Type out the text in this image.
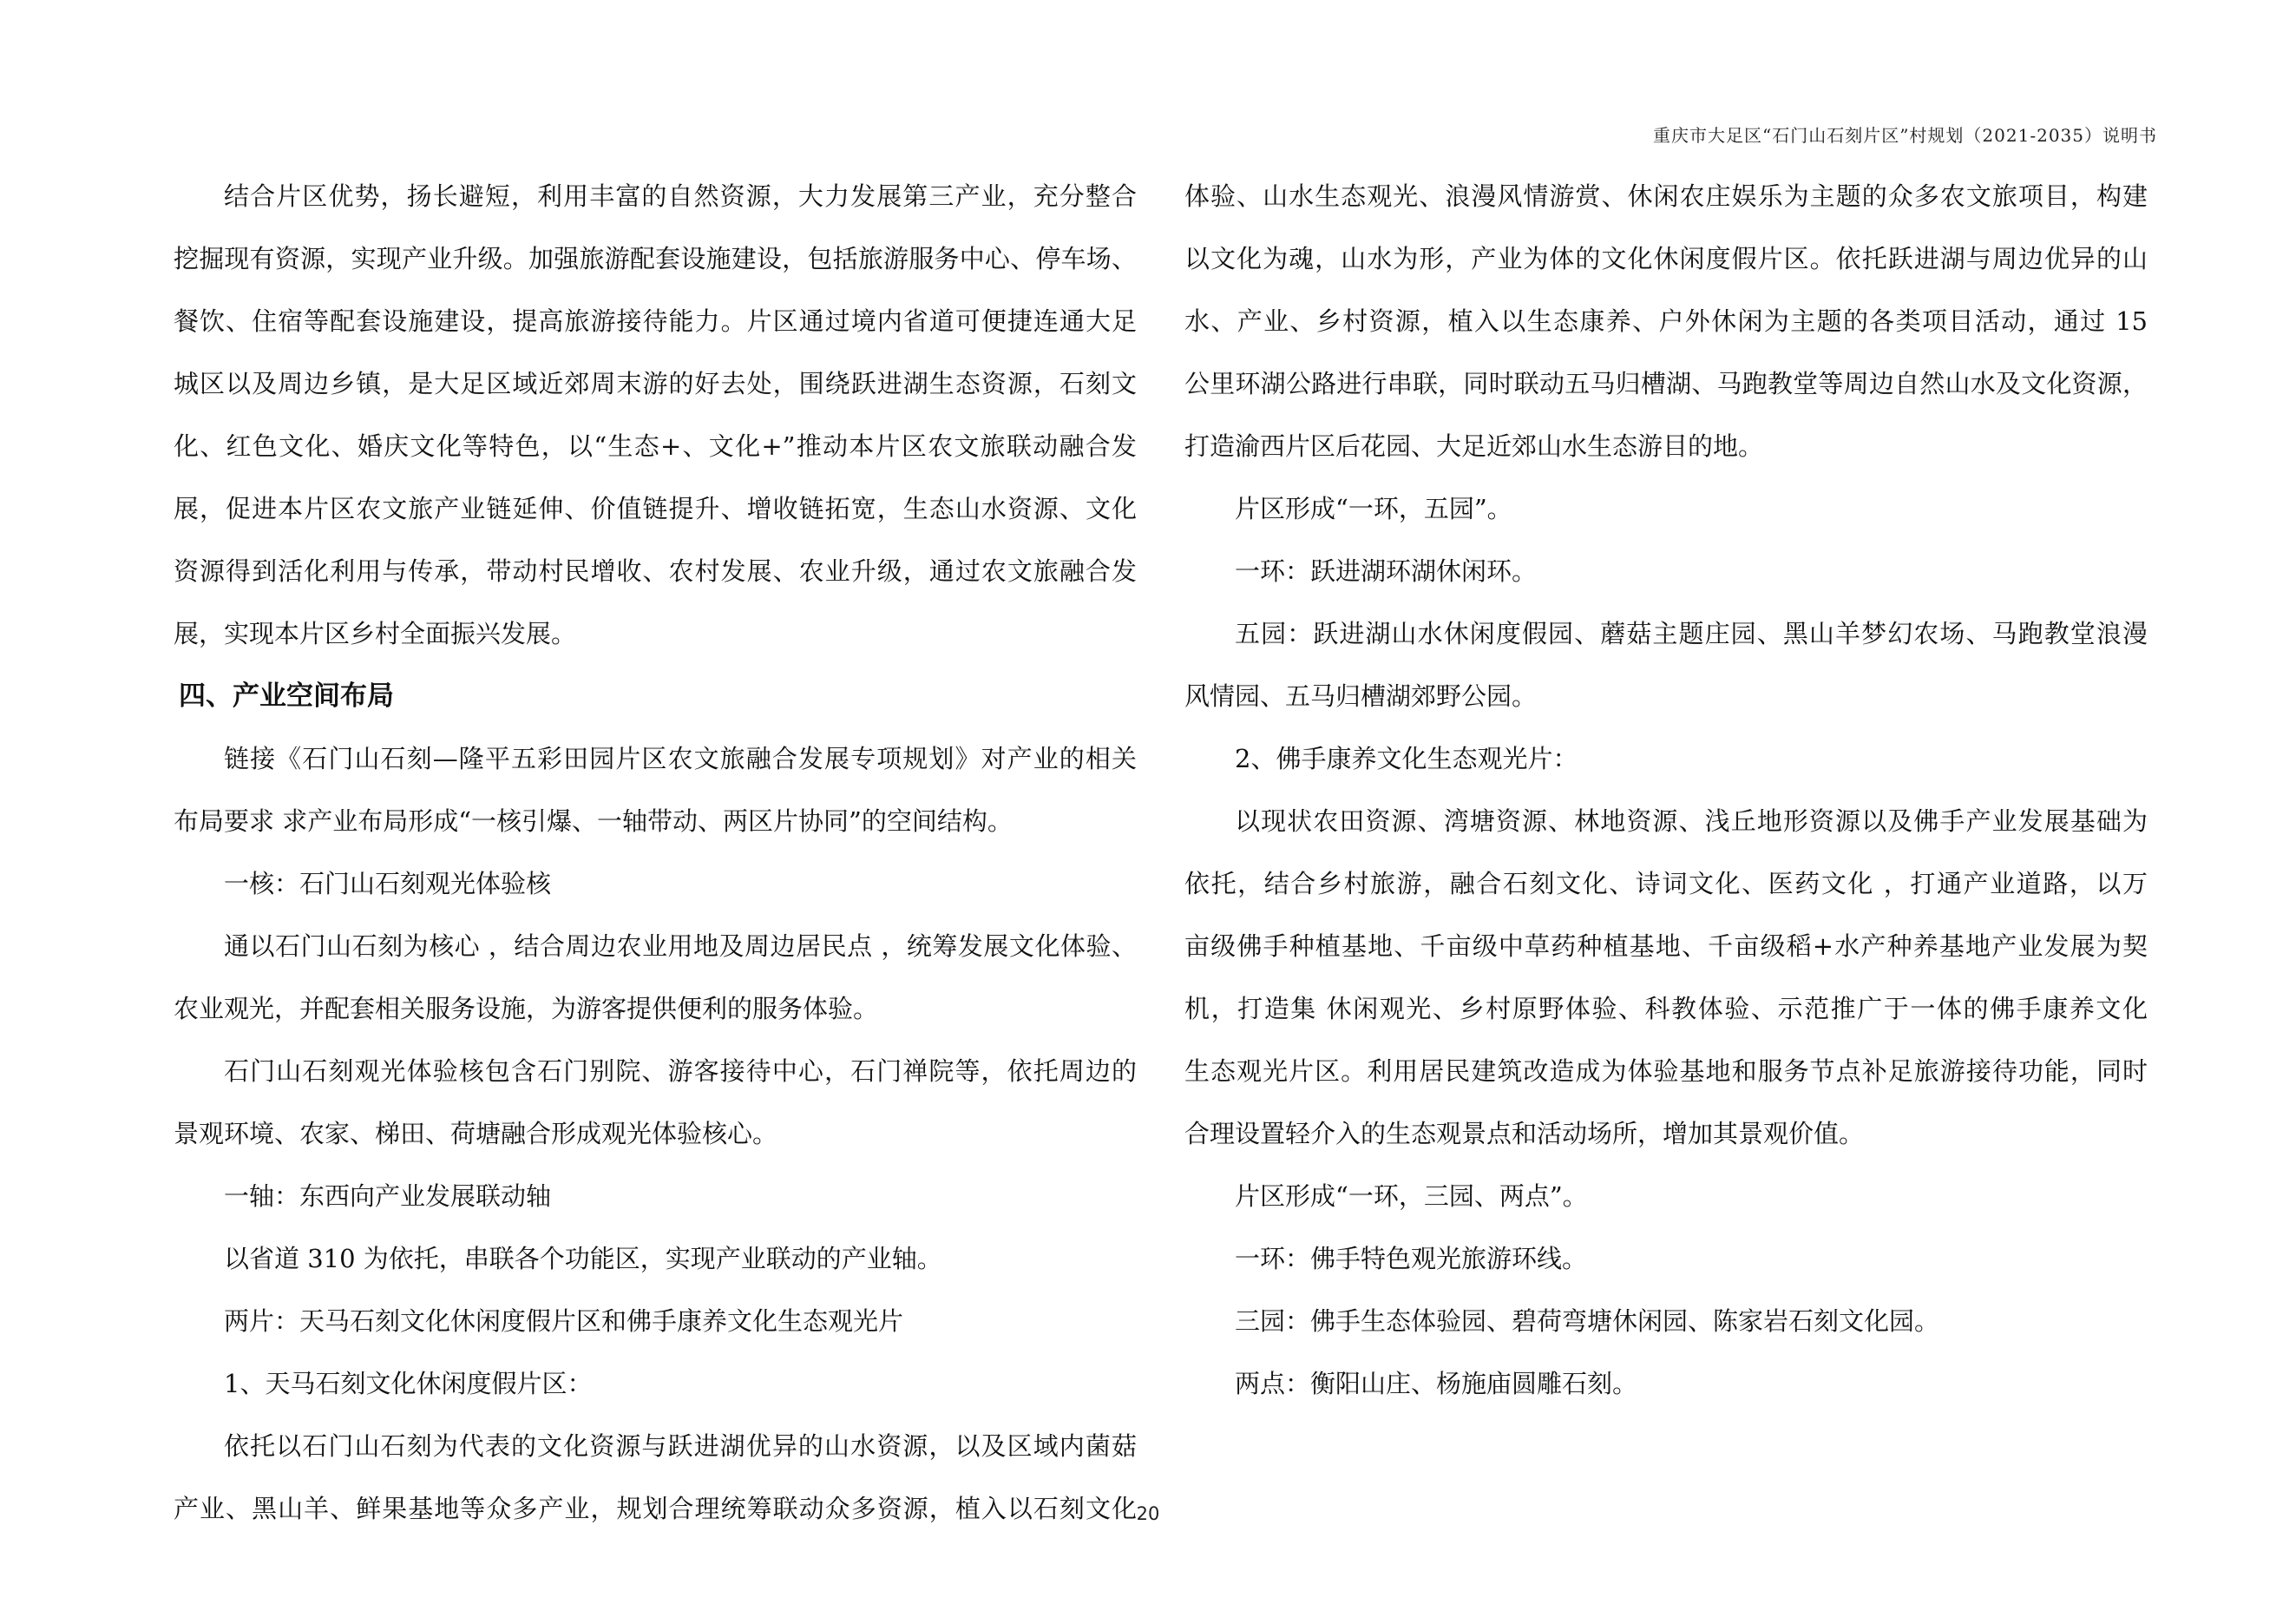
重庆市大足区“石门山石刻片区”村规划（2021-2035）说明书
结合片区优势，扬长避短，利用丰富的自然资源，大力发展第三产业，充分整合
挖掘现有资源，实现产业升级。加强旅游配套设施建设，包括旅游服务中心、停车场、
餐饮、住宿等配套设施建设，提高旅游接待能力。片区通过境内省道可便捷连通大足
城区以及周边乡镇，是大足区域近郊周末游的好去处，围绕跃进湖生态资源，石刻文
化、红色文化、婚庆文化等特色，以“生态+、文化+”推动本片区农文旅联动融合发
展，促进本片区农文旅产业链延伸、价值链提升、增收链拓宽，生态山水资源、文化
资源得到活化利用与传承，带动村民增收、农村发展、农业升级，通过农文旅融合发
展，实现本片区乡村全面振兴发展。
四、产业空间布局
链接《石门山石刻—隆平五彩田园片区农文旅融合发展专项规划》对产业的相关
布局要求 求产业布局形成“一核引爆、一轴带动、两区片协同”的空间结构。
一核：石门山石刻观光体验核
通以石门山石刻为核心 ，结合周边农业用地及周边居民点 ，统筹发展文化体验、
农业观光，并配套相关服务设施，为游客提供便利的服务体验。
石门山石刻观光体验核包含石门别院、游客接待中心，石门禅院等，依托周边的
景观环境、农家、梯田、荷塘融合形成观光体验核心。
一轴：东西向产业发展联动轴
以省道 310 为依托，串联各个功能区，实现产业联动的产业轴。
两片：天马石刻文化休闲度假片区和佛手康养文化生态观光片
1、天马石刻文化休闲度假片区：
依托以石门山石刻为代表的文化资源与跃进湖优异的山水资源，以及区域内菌菇
产业、黑山羊、鲜果基地等众多产业，规划合理统筹联动众多资源，植入以石刻文化
体验、山水生态观光、浪漫风情游赏、休闲农庄娱乐为主题的众多农文旅项目，构建
以文化为魂，山水为形，产业为体的文化休闲度假片区。依托跃进湖与周边优异的山
水、产业、乡村资源，植入以生态康养、户外休闲为主题的各类项目活动，通过 15
公里环湖公路进行串联，同时联动五马归槽湖、马跑教堂等周边自然山水及文化资源，
打造渝西片区后花园、大足近郊山水生态游目的地。
片区形成“一环，五园”。
一环：跃进湖环湖休闲环。
五园：跃进湖山水休闲度假园、蘑菇主题庄园、黑山羊梦幻农场、马跑教堂浪漫
风情园、五马归槽湖郊野公园。
2、佛手康养文化生态观光片：
以现状农田资源、湾塘资源、林地资源、浅丘地形资源以及佛手产业发展基础为
依托，结合乡村旅游，融合石刻文化、诗词文化、医药文化 ，打通产业道路，以万
亩级佛手种植基地、千亩级中草药种植基地、千亩级稻+水产种养基地产业发展为契
机，打造集 休闲观光、乡村原野体验、科教体验、示范推广于一体的佛手康养文化
生态观光片区。利用居民建筑改造成为体验基地和服务节点补足旅游接待功能，同时
合理设置轻介入的生态观景点和活动场所，增加其景观价值。
片区形成“一环，三园、两点”。
一环：佛手特色观光旅游环线。
三园：佛手生态体验园、碧荷弯塘休闲园、陈家岩石刻文化园。
两点：衡阳山庄、杨施庙圆雕石刻。
20
